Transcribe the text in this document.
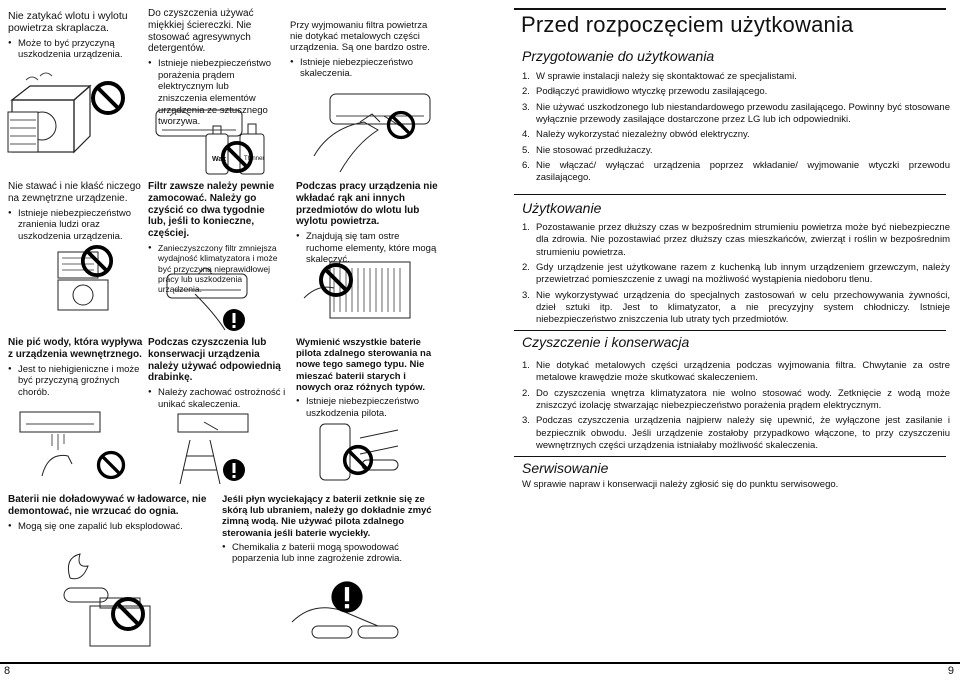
Nie zatykać wlotu i wylotu powietrza skraplacza.
● Może to być przyczyną uszkodzenia urządzenia.
Do czyszczenia używać miękkiej ściereczki. Nie stosować agresywnych detergentów.
● Istnieje niebezpieczeństwo porażenia prądem elektrycznym lub zniszczenia elementów urządzenia ze sztucznego tworzywa.
Wax	Thinner
Przy wyjmowaniu filtra powietrza nie dotykać metalowych części urządzenia. Są one bardzo ostre.
● Istnieje niebezpieczeństwo skaleczenia.
Nie stawać i nie kłaść niczego na zewnętrzne urządzenie.
● Istnieje niebezpieczeństwo zranienia ludzi oraz uszkodzenia urządzenia.
Filtr zawsze należy pewnie zamocować. Należy go czyścić co dwa tygodnie lub, jeśli to konieczne, częściej.
● Zanieczyszczony filtr zmniejsza wydajność klimatyzatora i może być przyczyną nieprawidłowej pracy lub uszkodzenia urządzenia.
Podczas pracy urządzenia nie wkładać rąk ani innych przedmiotów do wlotu lub wylotu powietrza.
● Znajdują się tam ostre ruchome elementy, które mogą skaleczyć.
Nie pić wody, która wypływa z urządzenia wewnętrznego.
● Jest to niehigieniczne i może być przyczyną groźnych chorób.
Podczas czyszczenia lub konserwacji urządzenia należy używać odpowiednią drabinkę.
● Należy zachować ostrożność i unikać skaleczenia.
Wymienić wszystkie baterie pilota zdalnego sterowania na nowe tego samego typu. Nie mieszać baterii starych i nowych oraz różnych typów.
● Istnieje niebezpieczeństwo uszkodzenia pilota.
Baterii nie doładowywać w ładowarce, nie demontować, nie wrzucać do ognia.
● Mogą się one zapalić lub eksplodować.
Jeśli płyn wyciekający z baterii zetknie się ze skórą lub ubraniem, należy go dokładnie zmyć zimną wodą. Nie używać pilota zdalnego sterowania jeśli baterie wyciekły.
● Chemikalia z baterii mogą spowodować poparzenia lub inne zagrożenie zdrowia.
Przed rozpoczęciem użytkowania
Przygotowanie do użytkowania
1. W sprawie instalacji należy się skontaktować ze specjalistami.
2. Podłączyć prawidłowo wtyczkę przewodu zasilającego.
3. Nie używać uszkodzonego lub niestandardowego przewodu zasilającego. Powinny być stosowane wyłącznie przewody zasilające dostarczone przez LG lub ich odpowiedniki.
4. Należy wykorzystać niezależny obwód elektryczny.
5. Nie stosować przedłużaczy.
6. Nie włączać/ wyłączać urządzenia poprzez wkładanie/ wyjmowanie wtyczki przewodu zasilającego.
Użytkowanie
1. Pozostawanie przez dłuższy czas w bezpośrednim strumieniu powietrza może być niebezpieczne dla zdrowia. Nie pozostawiać przez dłuższy czas mieszkańców, zwierząt i roślin w bezpośrednim strumieniu powietrza.
2. Gdy urządzenie jest użytkowane razem z kuchenką lub innym urządzeniem grzewczym, należy przewietrzać pomieszczenie z uwagi na możliwość wystąpienia niedoboru tlenu.
3. Nie wykorzystywać urządzenia do specjalnych zastosowań w celu przechowywania żywności, dzieł sztuki itp. Jest to klimatyzator, a nie precyzyjny system chłodniczy. Istnieje niebezpieczeństwo zniszczenia lub utraty tych przedmiotów.
Czyszczenie i konserwacja
1. Nie dotykać metalowych części urządzenia podczas wyjmowania filtra. Chwytanie za ostre metalowe krawędzie może skutkować skaleczeniem.
2. Do czyszczenia wnętrza klimatyzatora nie wolno stosować wody. Zetknięcie z wodą może zniszczyć izolację stwarzając niebezpieczeństwo porażenia prądem elektrycznym.
3. Podczas czyszczenia urządzenia najpierw należy się upewnić, że wyłączone jest zasilanie i bezpiecznik obwodu. Jeśli urządzenie zostałoby przypadkowo włączone, to przy czyszczeniu wewnętrznych części urządzenia istniałaby możliwość skaleczenia.
Serwisowanie
W sprawie napraw i konserwacji należy zgłosić się do punktu serwisowego.
8	9
